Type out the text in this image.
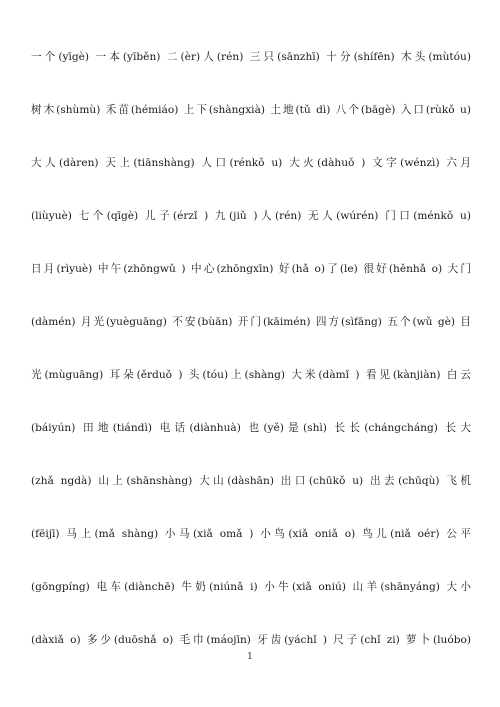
一个(yīgè) 一本(yīběn) 二(èr)人(rén) 三只(sānzhī) 十分(shífēn) 木头(mùtóu)
树木(shùmù) 禾苗(hémiáo) 上下(shàngxià) 土地(tǔ dì) 八个(bāgè) 入口(rùkǒ u)
大人(dàren) 天上(tiānshàng) 人口(rénkǒ u) 大火(dàhuǒ ) 文字(wénzì) 六月
(liùyuè) 七个(qīgè) 儿子(érzǐ ) 九(jiǔ )人(rén) 无人(wúrén) 门口(ménkǒ u)
日月(rìyuè) 中午(zhōngwǔ ) 中心(zhōngxīn) 好(hǎ o)了(le) 很好(hěnhǎ o) 大门
(dàmén) 月光(yuèguāng) 不安(bùān) 开门(kāimén) 四方(sìfāng) 五个(wǔ gè) 目
光(mùguāng) 耳朵(ěrduǒ ) 头(tóu)上(shàng) 大米(dàmǐ ) 看见(kànjiàn) 白云
(báiyún) 田地(tiándì) 电话(diànhuà) 也(yě)是(shì) 长长(chángcháng) 长大
(zhǎ ngdà) 山上(shānshàng) 大山(dàshān) 出口(chūkǒ u) 出去(chūqù) 飞机
(fēijī) 马上(mǎ shàng) 小马(xiǎ omǎ ) 小鸟(xiǎ oniǎ o) 鸟儿(niǎ oér) 公平
(gōngpíng) 电车(diànchē) 牛奶(niúnǎ i) 小牛(xiǎ oniú) 山羊(shānyáng) 大小
(dàxiǎ o) 多少(duōshǎ o) 毛巾(máojīn) 牙齿(yáchǐ ) 尺子(chǐ zi) 萝卜(luóbo)
1
